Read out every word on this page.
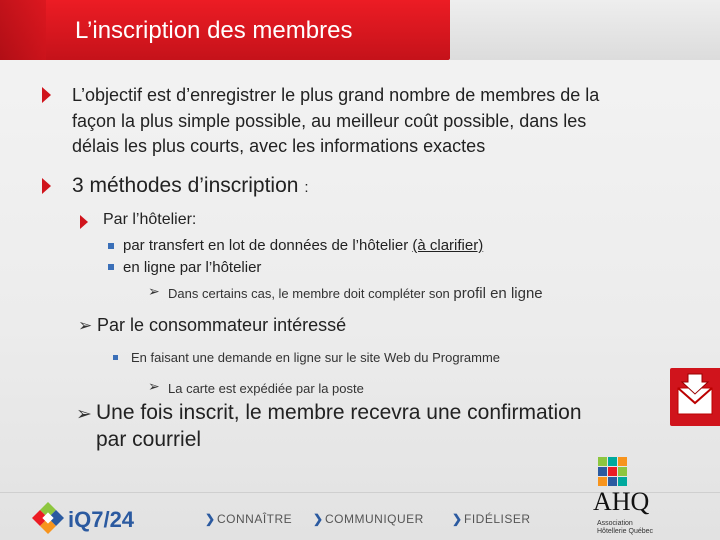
L’inscription des membres
L’objectif est d’enregistrer le plus grand nombre de membres de la
façon la plus simple possible, au meilleur coût possible, dans les
délais les plus courts, avec les informations exactes
3 méthodes d’inscription :
Par l’hôtelier:
par transfert en lot de données de l’hôtelier (à clarifier)
en ligne par l’hôtelier
➢ Dans certains cas, le membre doit compléter son profil en ligne
➢ Par le consommateur intéressé
En faisant une demande en ligne sur le site Web du Programme
➢ La carte est expédiée par la poste
➢ Une fois inscrit, le membre recevra une confirmation
par courriel
iQ7/24	❯ CONNAÎTRE ❯ COMMUNIQUER ❯ FIDÉLISER
AHQ
Association
Hôtellerie Québec
